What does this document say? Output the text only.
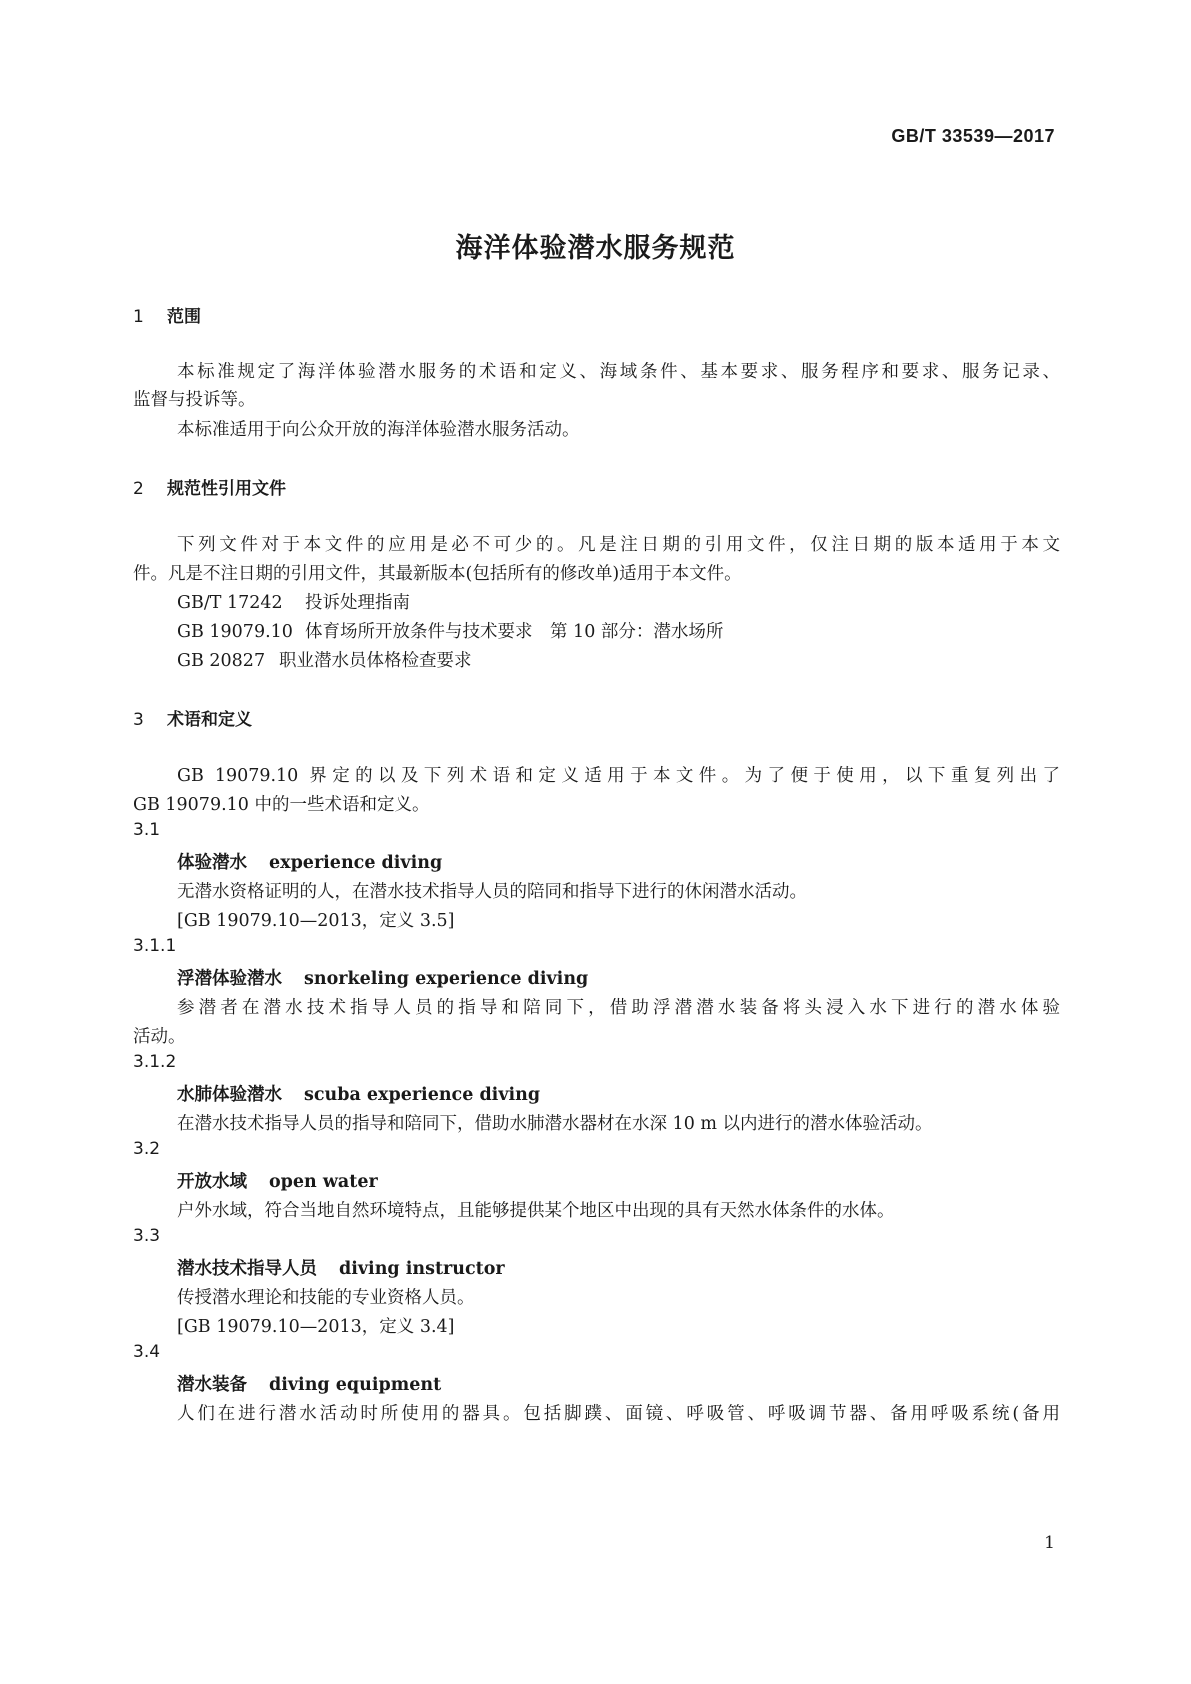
GB/T 33539—2017
海洋体验潜水服务规范
1 范围
本标准规定了海洋体验潜水服务的术语和定义、海域条件、基本要求、服务程序和要求、服务记录、
监督与投诉等。
本标准适用于向公众开放的海洋体验潜水服务活动。
2 规范性引用文件
下列文件对于本文件的应用是必不可少的。凡是注日期的引用文件，仅注日期的版本适用于本文
件。凡是不注日期的引用文件，其最新版本(包括所有的修改单)适用于本文件。
GB/T 17242 投诉处理指南
GB 19079.10 体育场所开放条件与技术要求　第 10 部分：潜水场所
GB 20827 职业潜水员体格检查要求
3 术语和定义
GB 19079.10 界定的以及下列术语和定义适用于本文件。为了便于使用，以下重复列出了
GB 19079.10 中的一些术语和定义。
3.1
体验潜水 experience diving
无潜水资格证明的人，在潜水技术指导人员的陪同和指导下进行的休闲潜水活动。
[GB 19079.10—2013，定义 3.5]
3.1.1
浮潜体验潜水 snorkeling experience diving
参潜者在潜水技术指导人员的指导和陪同下，借助浮潜潜水装备将头浸入水下进行的潜水体验
活动。
3.1.2
水肺体验潜水 scuba experience diving
在潜水技术指导人员的指导和陪同下，借助水肺潜水器材在水深 10 m 以内进行的潜水体验活动。
3.2
开放水域 open water
户外水域，符合当地自然环境特点，且能够提供某个地区中出现的具有天然水体条件的水体。
3.3
潜水技术指导人员 diving instructor
传授潜水理论和技能的专业资格人员。
[GB 19079.10—2013，定义 3.4]
3.4
潜水装备 diving equipment
人们在进行潜水活动时所使用的器具。包括脚蹼、面镜、呼吸管、呼吸调节器、备用呼吸系统(备用
1
